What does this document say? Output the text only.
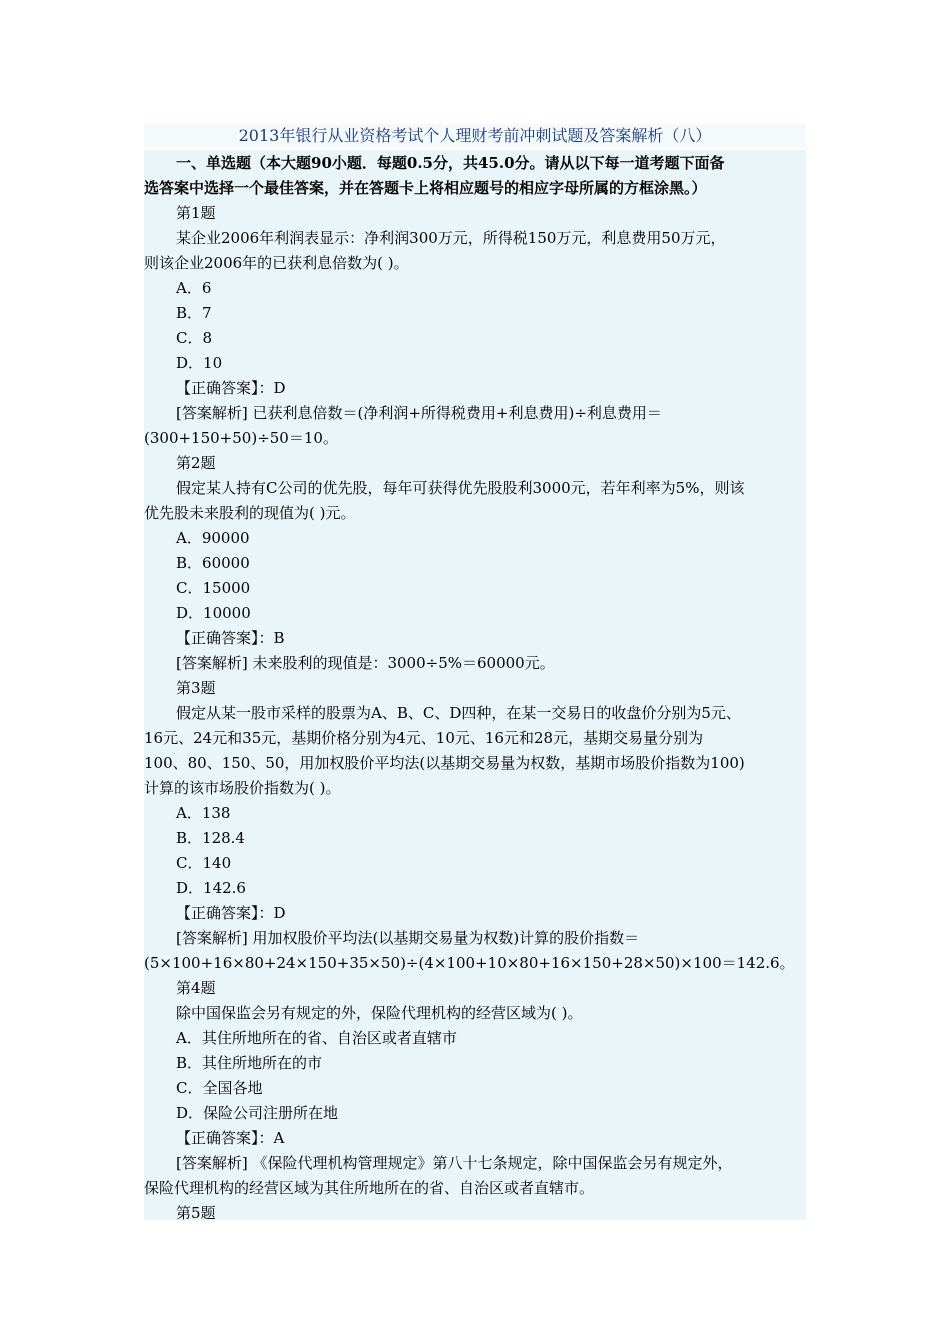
2013年银行从业资格考试个人理财考前冲刺试题及答案解析（八）
一、单选题（本大题90小题．每题0.5分，共45.0分。请从以下每一道考题下面备
选答案中选择一个最佳答案，并在答题卡上将相应题号的相应字母所属的方框涂黑。）
第1题
某企业2006年利润表显示：净利润300万元，所得税150万元，利息费用50万元，
则该企业2006年的已获利息倍数为( )。
A．6
B．7
C．8
D．10
【正确答案】：D
[答案解析] 已获利息倍数＝(净利润+所得税费用+利息费用)÷利息费用＝
(300+150+50)÷50＝10。
第2题
假定某人持有C公司的优先股，每年可获得优先股股利3000元，若年利率为5%，则该
优先股未来股利的现值为( )元。
A．90000
B．60000
C．15000
D．10000
【正确答案】：B
[答案解析] 未来股利的现值是：3000÷5%＝60000元。
第3题
假定从某一股市采样的股票为A、B、C、D四种，在某一交易日的收盘价分别为5元、
16元、24元和35元，基期价格分别为4元、10元、16元和28元，基期交易量分别为
100、80、150、50，用加权股价平均法(以基期交易量为权数，基期市场股价指数为100)
计算的该市场股价指数为( )。
A．138
B．128.4
C．140
D．142.6
【正确答案】：D
[答案解析] 用加权股价平均法(以基期交易量为权数)计算的股价指数＝
(5×100+16×80+24×150+35×50)÷(4×100+10×80+16×150+28×50)×100＝142.6。
第4题
除中国保监会另有规定的外，保险代理机构的经营区域为( )。
A．其住所地所在的省、自治区或者直辖市
B．其住所地所在的市
C．全国各地
D．保险公司注册所在地
【正确答案】：A
[答案解析] 《保险代理机构管理规定》第八十七条规定，除中国保监会另有规定外，
保险代理机构的经营区域为其住所地所在的省、自治区或者直辖市。
第5题
